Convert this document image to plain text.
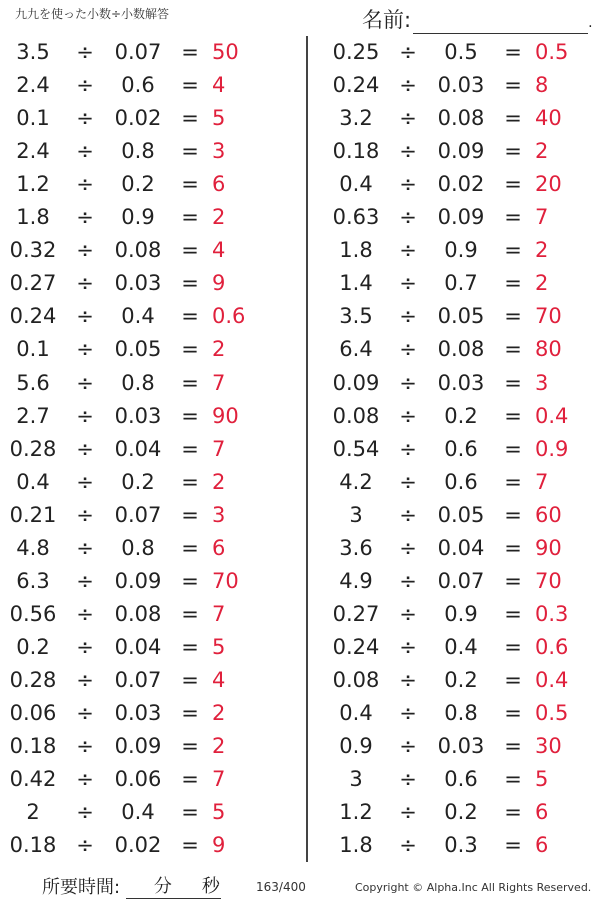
九九を使った小数÷小数解答	名前:	.
3.5	÷ 0.07 = 50
2.4	÷	0.6	= 4
0.1	÷ 0.02 = 5
2.4	÷	0.8	= 3
1.2	÷	0.2	= 6
1.8	÷	0.9	= 2
0.32 ÷ 0.08 = 4
0.27 ÷ 0.03 = 9
0.24 ÷	0.4	= 0.6
0.1	÷ 0.05 = 2
5.6	÷	0.8	= 7
2.7	÷ 0.03 = 90
0.28 ÷ 0.04 = 7
0.4	÷	0.2	= 2
0.21 ÷ 0.07 = 3
4.8	÷	0.8	= 6
6.3	÷ 0.09 = 70
0.56 ÷ 0.08 = 7
0.2	÷ 0.04 = 5
0.28 ÷ 0.07 = 4
0.06 ÷ 0.03 = 2
0.18 ÷ 0.09 = 2
0.42 ÷ 0.06 = 7
2	÷	0.4	= 5
0.18 ÷ 0.02 = 9
0.25 ÷	0.5	= 0.5
0.24 ÷ 0.03 = 8
3.2	÷ 0.08 = 40
0.18 ÷ 0.09 = 2
0.4	÷ 0.02 = 20
0.63 ÷ 0.09 = 7
1.8	÷	0.9	= 2
1.4	÷	0.7	= 2
3.5	÷ 0.05 = 70
6.4	÷ 0.08 = 80
0.09 ÷ 0.03 = 3
0.08 ÷	0.2	= 0.4
0.54 ÷	0.6	= 0.9
4.2	÷	0.6	= 7
3	÷ 0.05 = 60
3.6	÷ 0.04 = 90
4.9	÷ 0.07 = 70
0.27 ÷	0.9	= 0.3
0.24 ÷	0.4	= 0.6
0.08 ÷	0.2	= 0.4
0.4	÷	0.8	= 0.5
0.9	÷ 0.03 = 30
3	÷	0.6	= 5
1.2	÷	0.2	= 6
1.8	÷	0.3	= 6
所要時間: 分 秒	163/400	Copyright © Alpha.Inc All Rights Reserved.
